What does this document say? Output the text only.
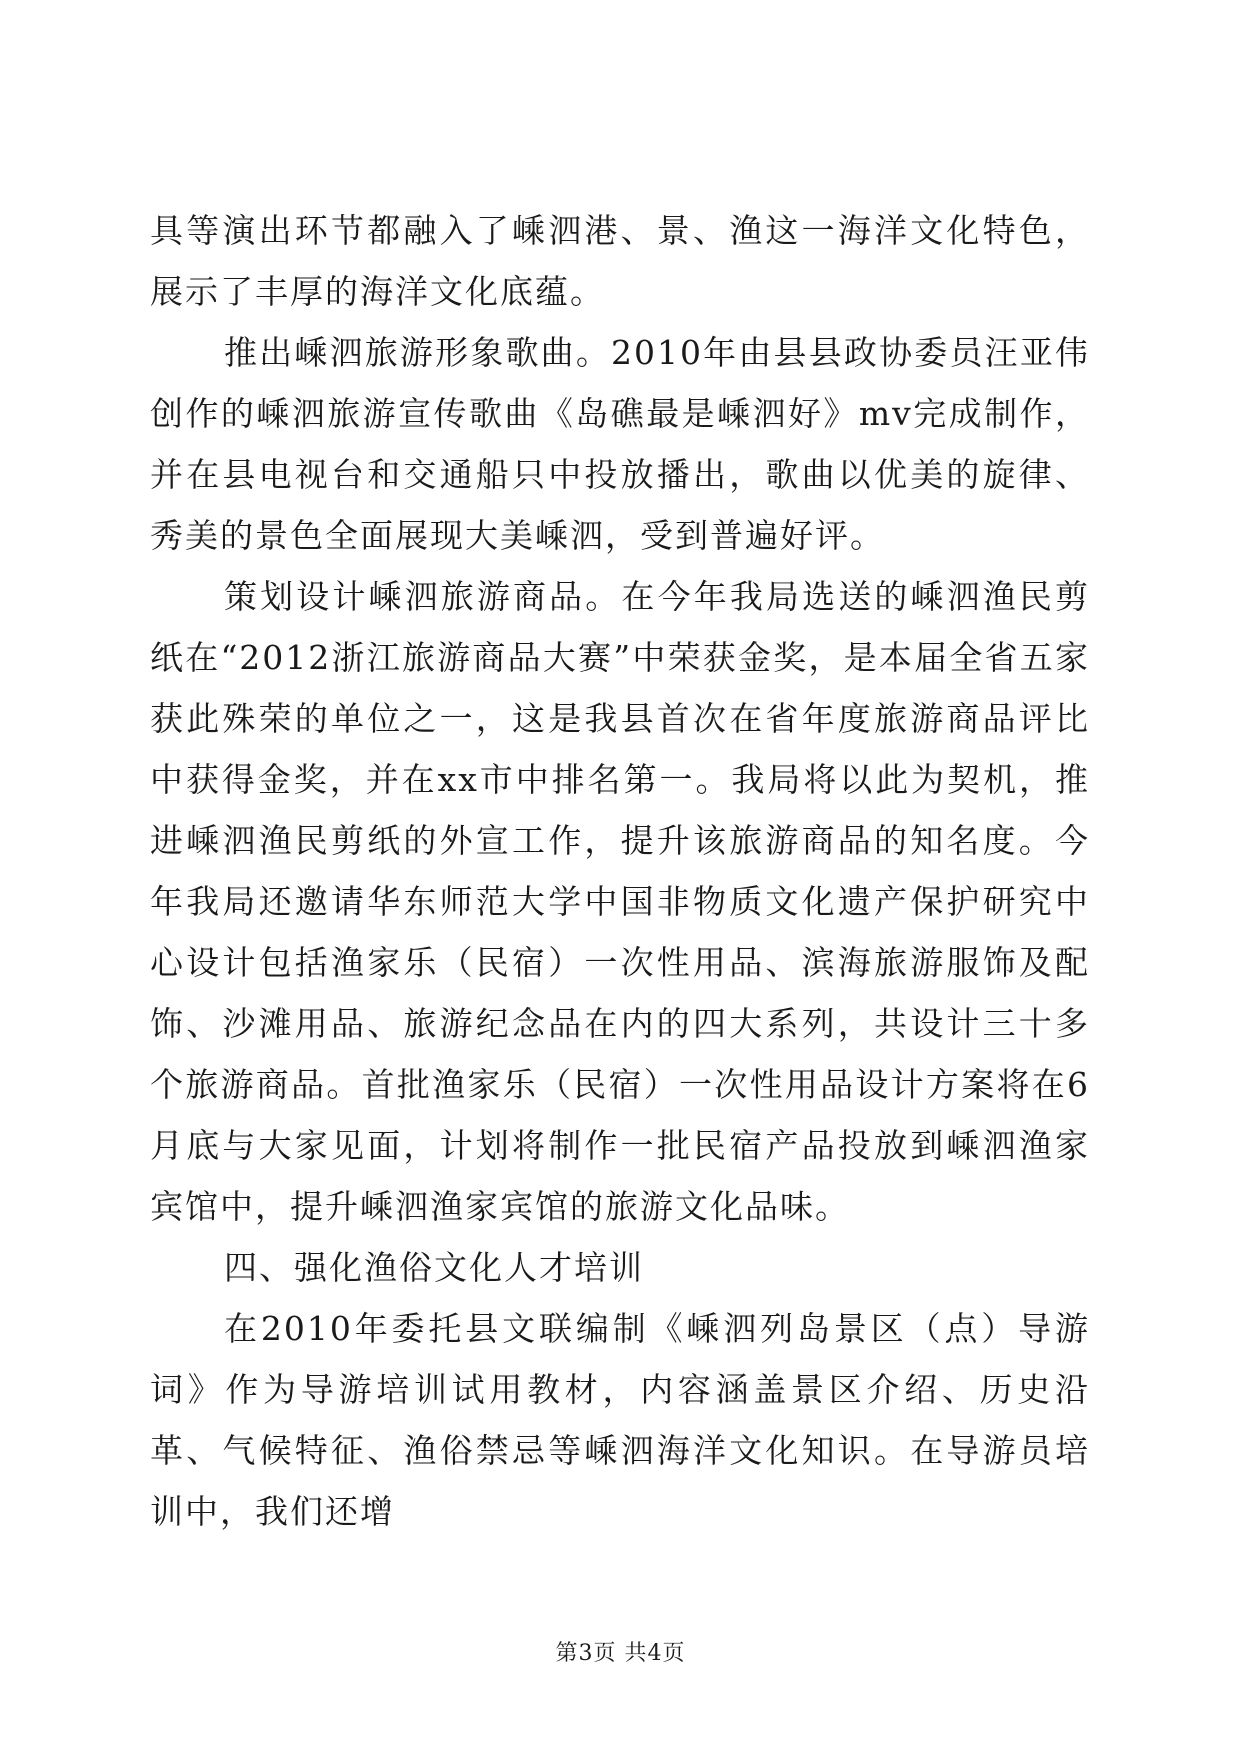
具等演出环节都融入了嵊泗港、景、渔这一海洋文化特色，展示了丰厚的海洋文化底蕴。

推出嵊泗旅游形象歌曲。2010年由县县政协委员汪亚伟创作的嵊泗旅游宣传歌曲《岛礁最是嵊泗好》mv完成制作，并在县电视台和交通船只中投放播出，歌曲以优美的旋律、秀美的景色全面展现大美嵊泗，受到普遍好评。

策划设计嵊泗旅游商品。在今年我局选送的嵊泗渔民剪纸在“2012浙江旅游商品大赛”中荣获金奖，是本届全省五家获此殊荣的单位之一，这是我县首次在省年度旅游商品评比中获得金奖，并在xx市中排名第一。我局将以此为契机，推进嵊泗渔民剪纸的外宣工作，提升该旅游商品的知名度。今年我局还邀请华东师范大学中国非物质文化遗产保护研究中心设计包括渔家乐（民宿）一次性用品、滨海旅游服饰及配饰、沙滩用品、旅游纪念品在内的四大系列，共设计三十多个旅游商品。首批渔家乐（民宿）一次性用品设计方案将在6月底与大家见面，计划将制作一批民宿产品投放到嵊泗渔家宾馆中，提升嵊泗渔家宾馆的旅游文化品味。

四、强化渔俗文化人才培训

在2010年委托县文联编制《嵊泗列岛景区（点）导游词》作为导游培训试用教材，内容涵盖景区介绍、历史沿革、气候特征、渔俗禁忌等嵊泗海洋文化知识。在导游员培训中，我们还增

第3页 共4页
